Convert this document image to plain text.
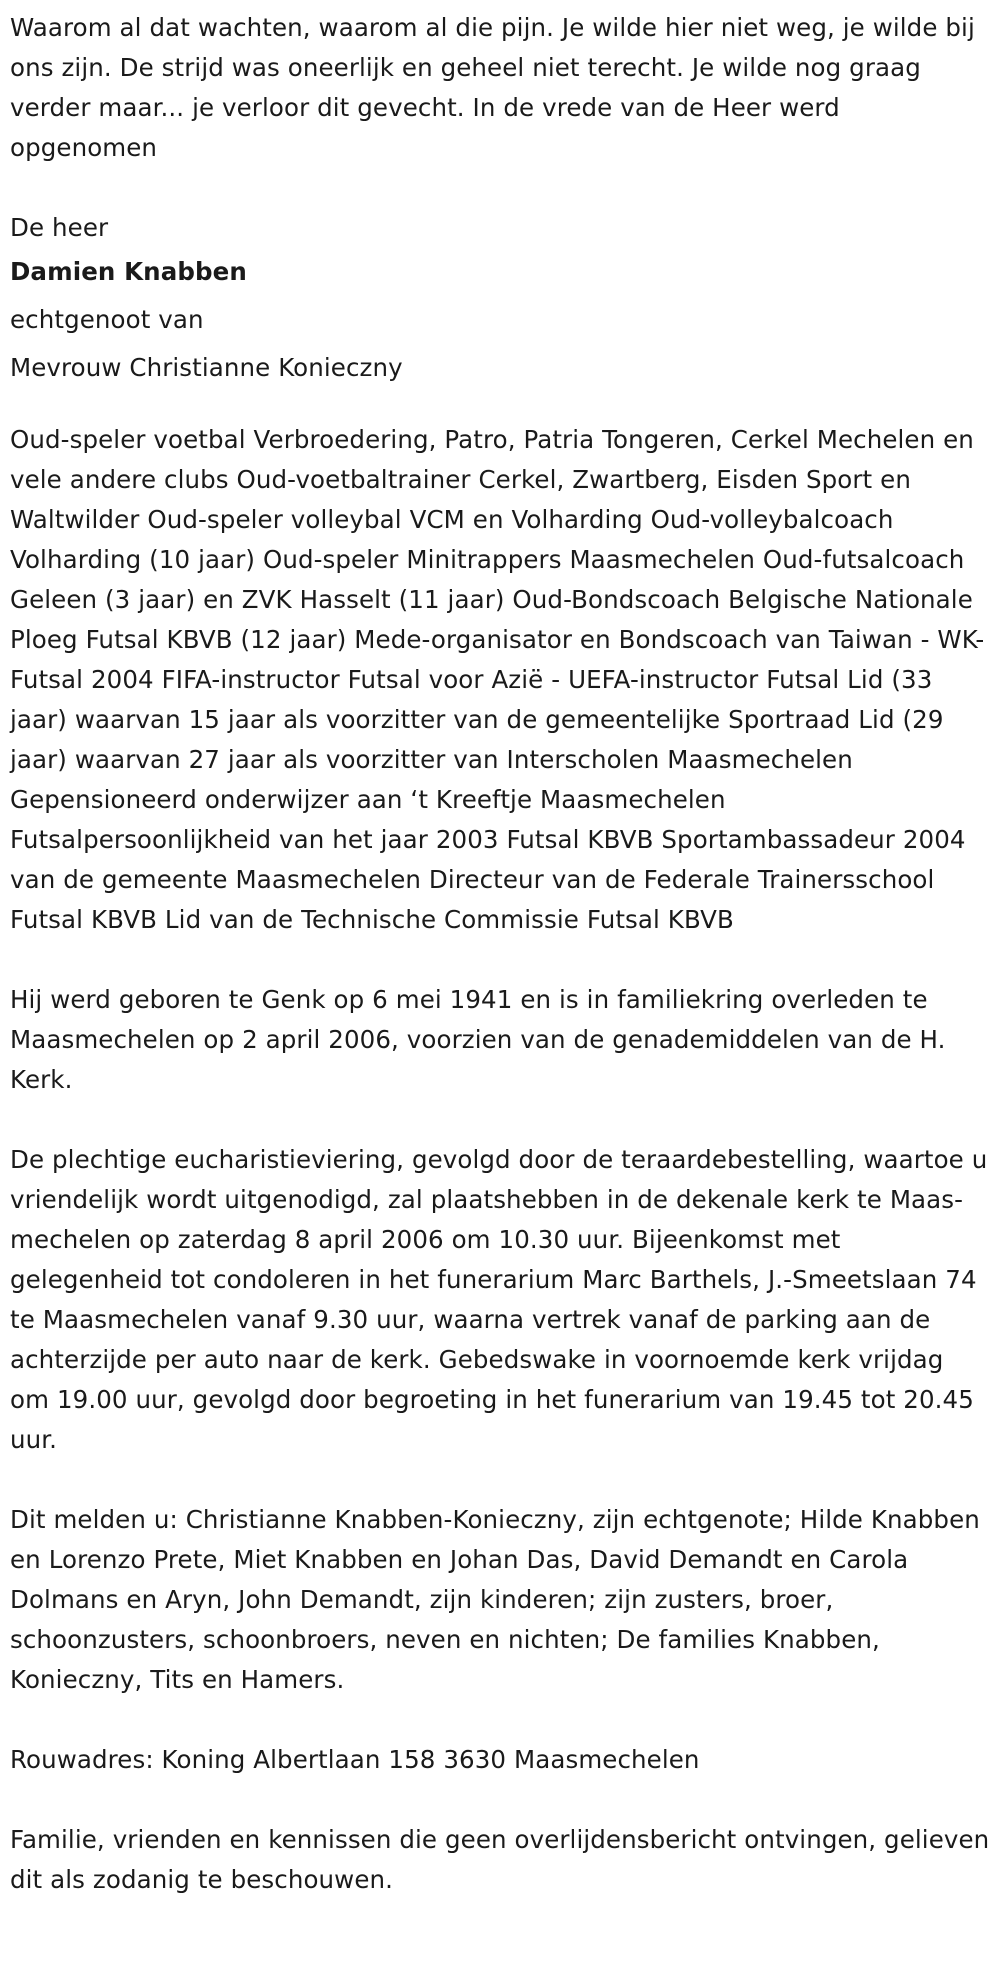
Waarom al dat wachten, waarom al die pijn. Je wilde hier niet weg, je wilde bij ons zijn. De strijd was oneerlijk en geheel niet terecht. Je wilde nog graag verder maar... je verloor dit gevecht. In de vrede van de Heer werd opgenomen

De heer
Damien Knabben
echtgenoot van
Mevrouw Christianne Konieczny

Oud-speler voetbal Verbroedering, Patro, Patria Tongeren, Cerkel Mechelen en vele andere clubs Oud-voetbaltrainer Cerkel, Zwartberg, Eisden Sport en Waltwilder Oud-speler volleybal VCM en Volharding Oud-volleybalcoach Volharding (10 jaar) Oud-speler Minitrappers Maasmechelen Oud-futsalcoach Geleen (3 jaar) en ZVK Hasselt (11 jaar) Oud-Bondscoach Belgische Nationale Ploeg Futsal KBVB (12 jaar) Mede-organisator en Bondscoach van Taiwan - WK-Futsal 2004 FIFA-instructor Futsal voor Azië - UEFA-instructor Futsal Lid (33 jaar) waarvan 15 jaar als voorzitter van de gemeentelijke Sportraad Lid (29 jaar) waarvan 27 jaar als voorzitter van Interscholen Maasmechelen Gepensioneerd onderwijzer aan ‘t Kreeftje Maasmechelen Futsalpersoonlijkheid van het jaar 2003 Futsal KBVB Sportambassadeur 2004 van de gemeente Maasmechelen Directeur van de Federale Trainersschool Futsal KBVB Lid van de Technische Commissie Futsal KBVB

Hij werd geboren te Genk op 6 mei 1941 en is in familiekring overleden te Maasmechelen op 2 april 2006, voorzien van de genademiddelen van de H. Kerk.

De plechtige eucharistieviering, gevolgd door de teraardebestelling, waartoe u vriendelijk wordt uitgenodigd, zal plaatshebben in de dekenale kerk te Maas-mechelen op zaterdag 8 april 2006 om 10.30 uur. Bijeenkomst met gelegenheid tot condoleren in het funerarium Marc Barthels, J.-Smeetslaan 74 te Maasmechelen vanaf 9.30 uur, waarna vertrek vanaf de parking aan de achterzijde per auto naar de kerk. Gebedswake in voornoemde kerk vrijdag om 19.00 uur, gevolgd door begroeting in het funerarium van 19.45 tot 20.45 uur.

Dit melden u: Christianne Knabben-Konieczny, zijn echtgenote; Hilde Knabben en Lorenzo Prete, Miet Knabben en Johan Das, David Demandt en Carola Dolmans en Aryn, John Demandt, zijn kinderen; zijn zusters, broer, schoonzusters, schoonbroers, neven en nichten; De families Knabben, Konieczny, Tits en Hamers.

Rouwadres: Koning Albertlaan 158 3630 Maasmechelen

Familie, vrienden en kennissen die geen overlijdensbericht ontvingen, gelieven dit als zodanig te beschouwen.
